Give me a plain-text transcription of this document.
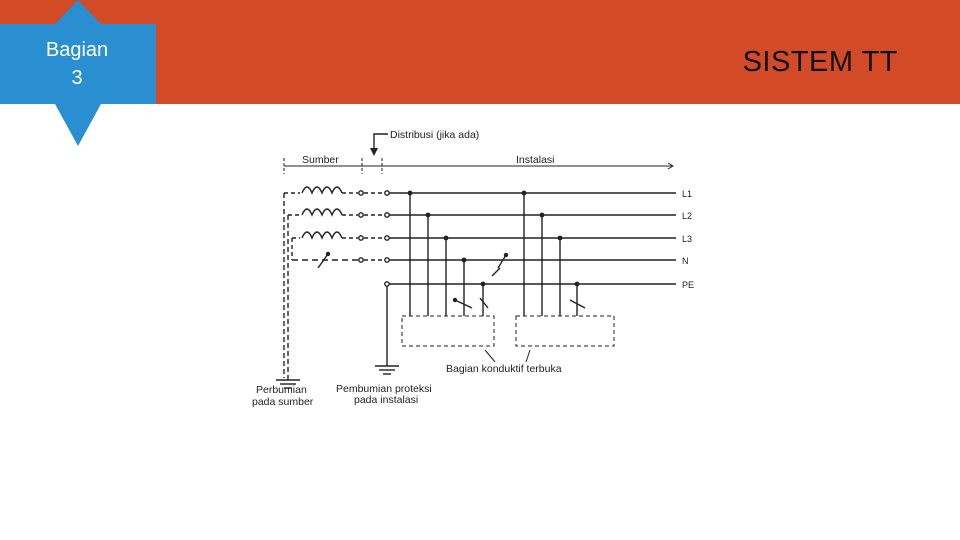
Bagian
3	SISTEM TT
Distribusi (jika ada)
Sumber	Instalasi
L1
L2
L3
N
PE
Bagian konduktif terbuka
Perbumian
pada sumber
Pembumian proteksi
pada instalasi
